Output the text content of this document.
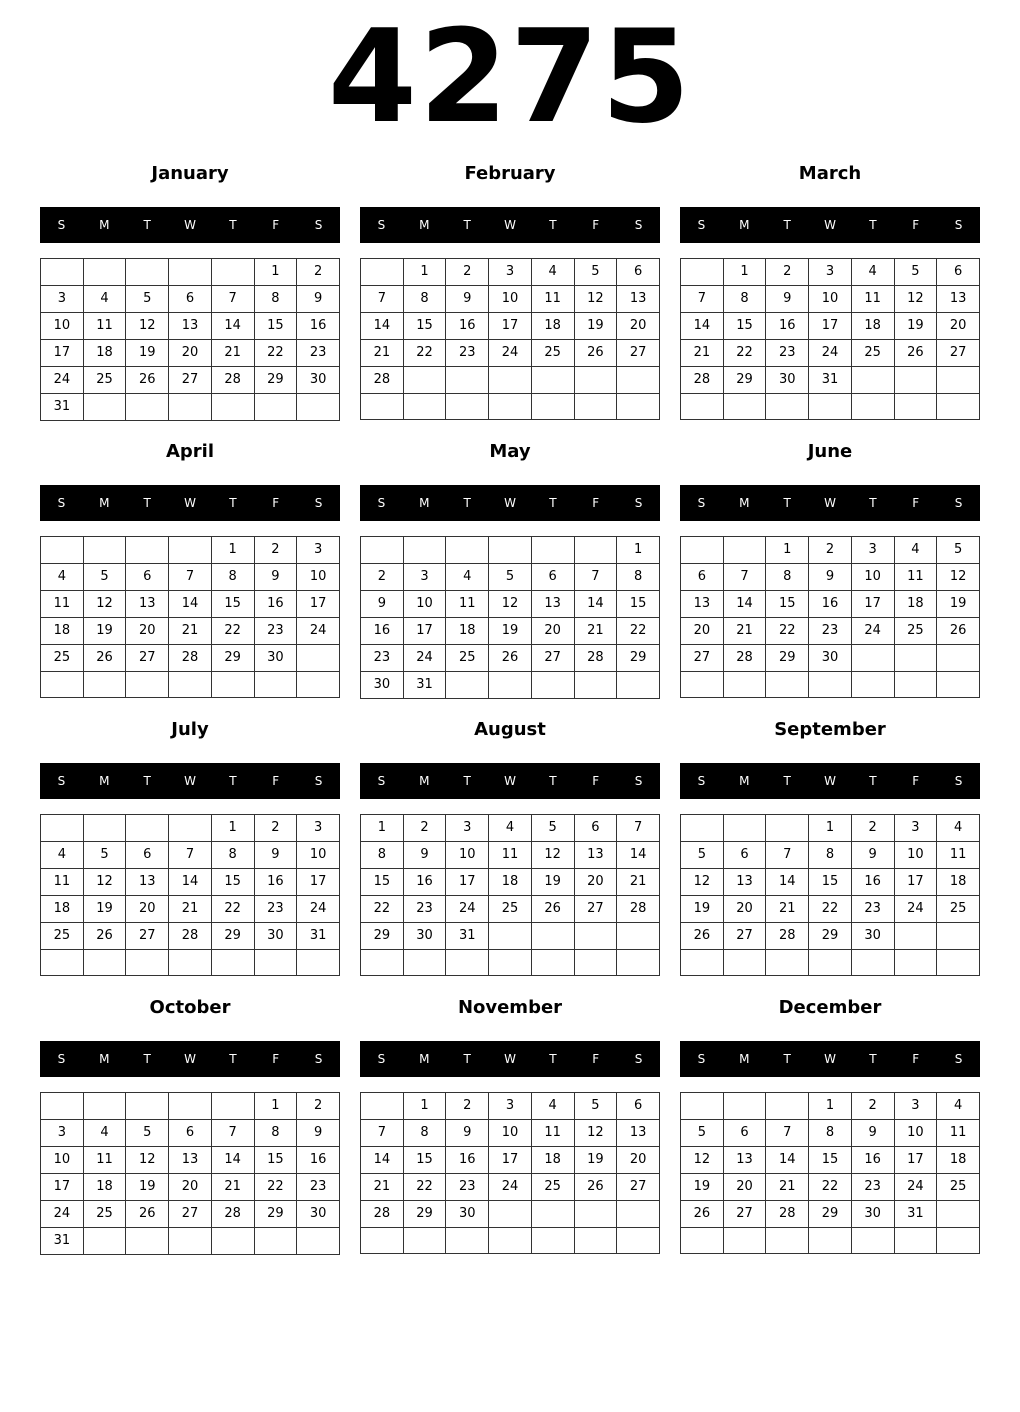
4275
January
S	M	T	W	T	F	S
					1	2
3	4	5	6	7	8	9
10	11	12	13	14	15	16
17	18	19	20	21	22	23
24	25	26	27	28	29	30
31						
February
S	M	T	W	T	F	S
	1	2	3	4	5	6
7	8	9	10	11	12	13
14	15	16	17	18	19	20
21	22	23	24	25	26	27
28						

March
S	M	T	W	T	F	S
	1	2	3	4	5	6
7	8	9	10	11	12	13
14	15	16	17	18	19	20
21	22	23	24	25	26	27
28	29	30	31			

April
S	M	T	W	T	F	S
				1	2	3
4	5	6	7	8	9	10
11	12	13	14	15	16	17
18	19	20	21	22	23	24
25	26	27	28	29	30	

May
S	M	T	W	T	F	S
						1
2	3	4	5	6	7	8
9	10	11	12	13	14	15
16	17	18	19	20	21	22
23	24	25	26	27	28	29
30	31					
June
S	M	T	W	T	F	S
		1	2	3	4	5
6	7	8	9	10	11	12
13	14	15	16	17	18	19
20	21	22	23	24	25	26
27	28	29	30			

July
S	M	T	W	T	F	S
				1	2	3
4	5	6	7	8	9	10
11	12	13	14	15	16	17
18	19	20	21	22	23	24
25	26	27	28	29	30	31

August
S	M	T	W	T	F	S
1	2	3	4	5	6	7
8	9	10	11	12	13	14
15	16	17	18	19	20	21
22	23	24	25	26	27	28
29	30	31				

September
S	M	T	W	T	F	S
			1	2	3	4
5	6	7	8	9	10	11
12	13	14	15	16	17	18
19	20	21	22	23	24	25
26	27	28	29	30		

October
S	M	T	W	T	F	S
					1	2
3	4	5	6	7	8	9
10	11	12	13	14	15	16
17	18	19	20	21	22	23
24	25	26	27	28	29	30
31						
November
S	M	T	W	T	F	S
	1	2	3	4	5	6
7	8	9	10	11	12	13
14	15	16	17	18	19	20
21	22	23	24	25	26	27
28	29	30				

December
S	M	T	W	T	F	S
			1	2	3	4
5	6	7	8	9	10	11
12	13	14	15	16	17	18
19	20	21	22	23	24	25
26	27	28	29	30	31	
